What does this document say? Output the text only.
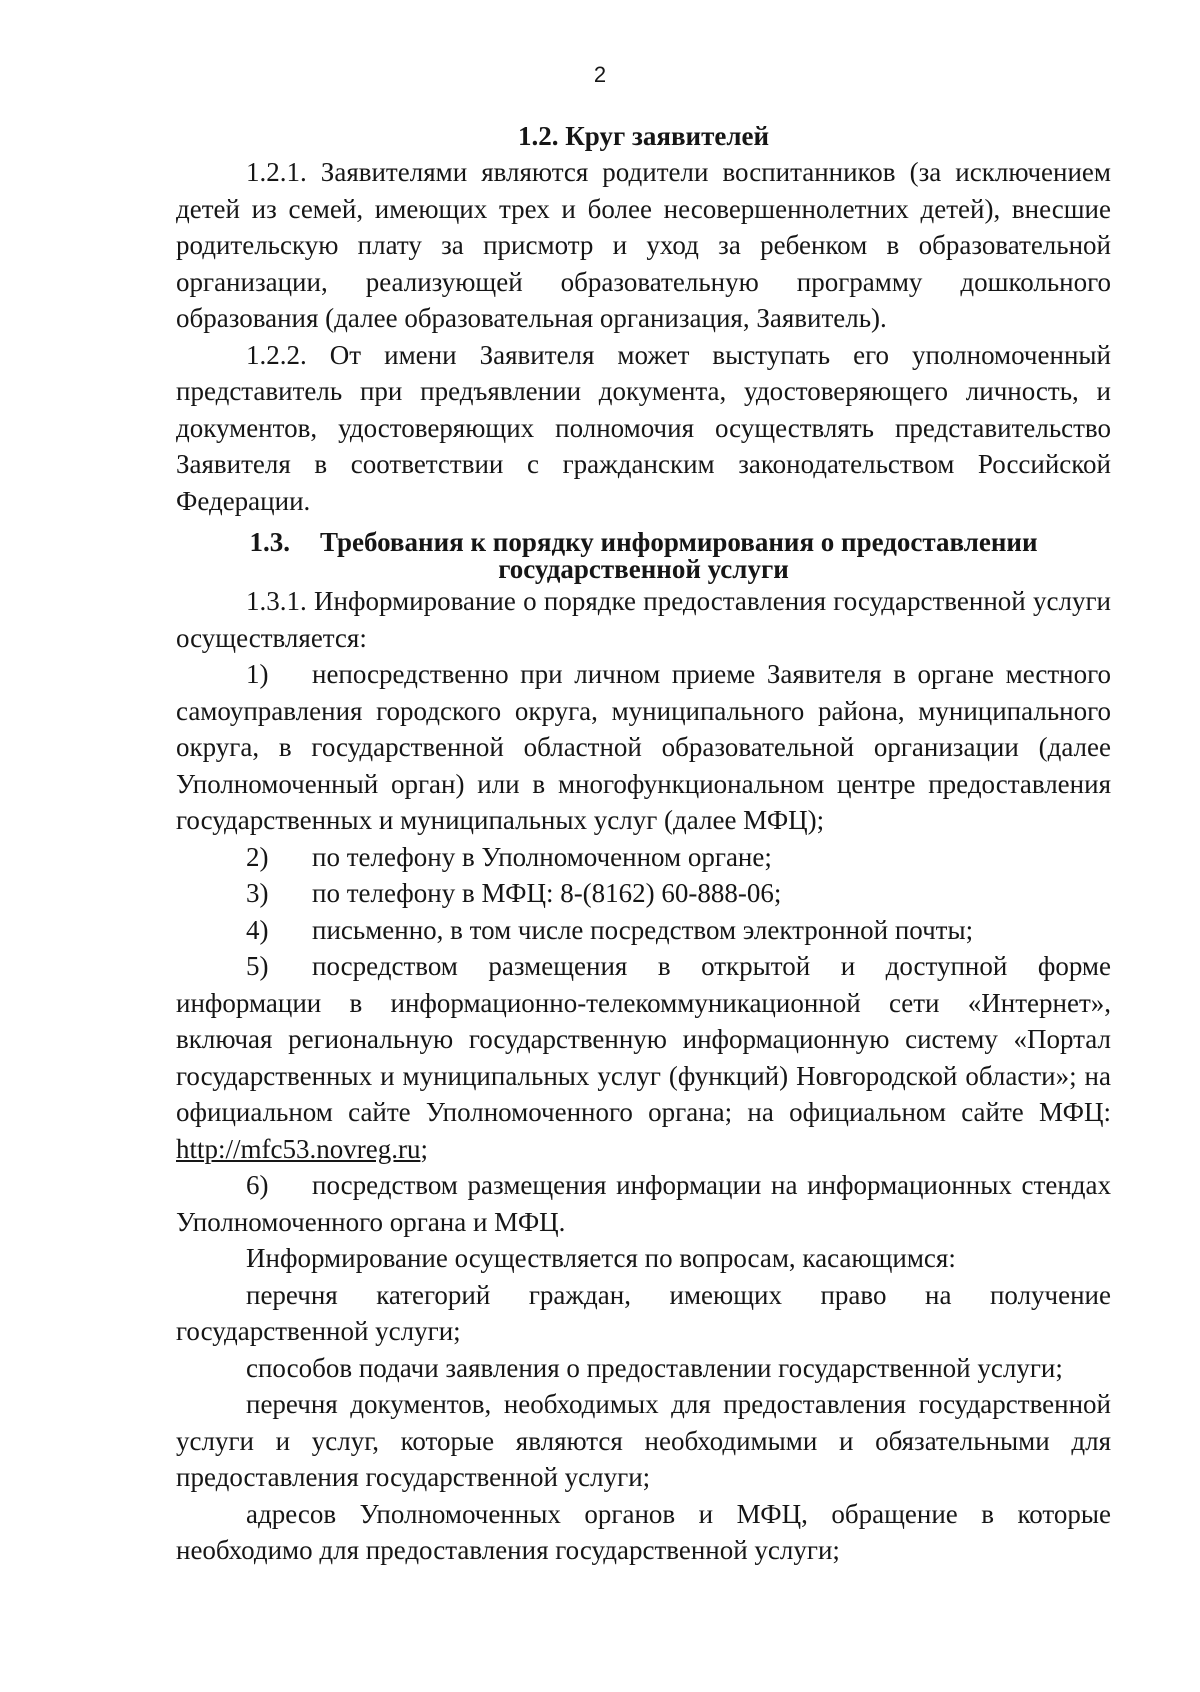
2
1.2. Круг заявителей

1.2.1. Заявителями являются родители воспитанников (за исключением детей из семей, имеющих трех и более несовершеннолетних детей), внесшие родительскую плату за присмотр и уход за ребенком в образовательной организации, реализующей образовательную программу дошкольного образования (далее образовательная организация, Заявитель).

1.2.2. От имени Заявителя может выступать его уполномоченный представитель при предъявлении документа, удостоверяющего личность, и документов, удостоверяющих полномочия осуществлять представительство Заявителя в соответствии с гражданским законодательством Российской Федерации.

1.3. Требования к порядку информирования о предоставлении
государственной услуги

1.3.1. Информирование о порядке предоставления государственной услуги осуществляется:

1) непосредственно при личном приеме Заявителя в органе местного самоуправления городского округа, муниципального района, муниципального округа, в государственной областной образовательной организации (далее Уполномоченный орган) или в многофункциональном центре предоставления государственных и муниципальных услуг (далее МФЦ);

2) по телефону в Уполномоченном органе;

3) по телефону в МФЦ: 8-(8162) 60-888-06;

4) письменно, в том числе посредством электронной почты;

5) посредством размещения в открытой и доступной форме информации в информационно-телекоммуникационной сети «Интернет», включая региональную государственную информационную систему «Портал государственных и муниципальных услуг (функций) Новгородской области»; на официальном сайте Уполномоченного органа; на официальном сайте МФЦ: http://mfc53.novreg.ru;

6) посредством размещения информации на информационных стендах Уполномоченного органа и МФЦ.

Информирование осуществляется по вопросам, касающимся:

перечня категорий граждан, имеющих право на получение государственной услуги;

способов подачи заявления о предоставлении государственной услуги;

перечня документов, необходимых для предоставления государственной услуги и услуг, которые являются необходимыми и обязательными для предоставления государственной услуги;

адресов Уполномоченных органов и МФЦ, обращение в которые необходимо для предоставления государственной услуги;
